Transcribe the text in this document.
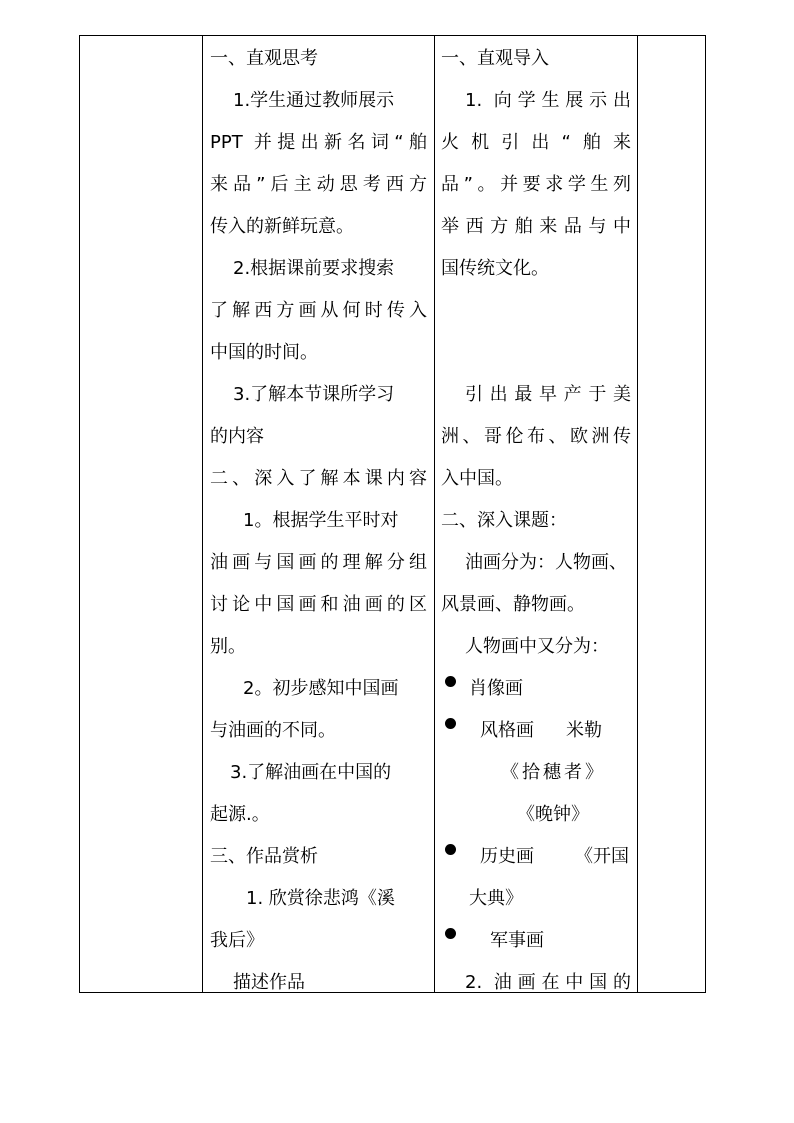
一、直观思考
1.学生通过教师展示
PPT 并提出新名词“舶
来品”后主动思考西方
传入的新鲜玩意。
2.根据课前要求搜索
了解西方画从何时传入
中国的时间。
3.了解本节课所学习
的内容
二、深入了解本课内容
1。根据学生平时对
油画与国画的理解分组
讨论中国画和油画的区
别。
2。初步感知中国画
与油画的不同。
3.了解油画在中国的
起源.。
三、作品赏析
1. 欣赏徐悲鸿《溪
我后》
描述作品
一、直观导入
1. 向学生展示出
火机引出“舶来
品”。并要求学生列
举西方舶来品与中
国传统文化。
引出最早产于美
洲、哥伦布、欧洲传
入中国。
二、深入课题：
油画分为：人物画、
风景画、静物画。
人物画中又分为：
肖像画
风格画 米勒
《拾穗者》
《晚钟》
历史画 《开国
大典》
军事画
2. 油画在中国的
